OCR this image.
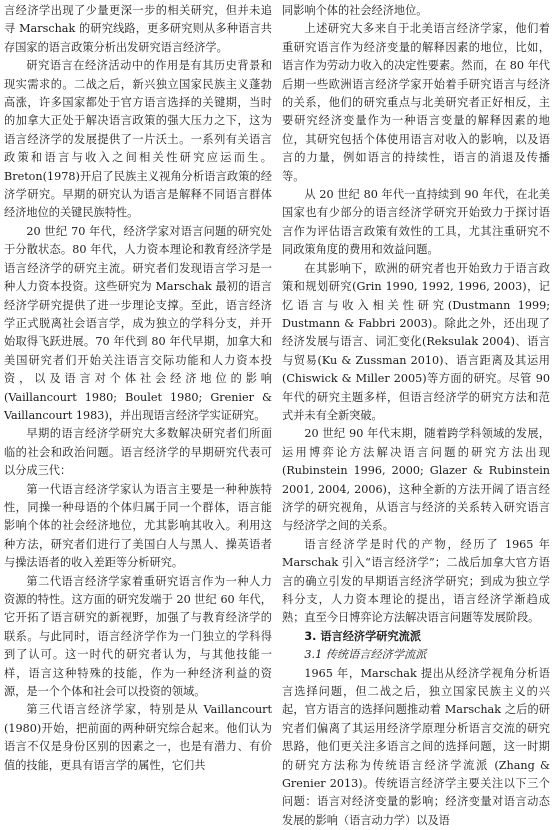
言经济学出现了少量更深一步的相关研究，但并未追寻 Marschak 的研究线路，更多研究则从多种语言共存国家的语言政策分析出发研究语言经济学。

研究语言在经济活动中的作用是有其历史背景和现实需求的。二战之后，新兴独立国家民族主义蓬勃高涨，许多国家都处于官方语言选择的关键期，当时的加拿大正处于解决语言政策的强大压力之下，这为语言经济学的发展提供了一片沃土。一系列有关语言政策和语言与收入之间相关性研究应运而生。Breton(1978)开启了民族主义视角分析语言政策的经济学研究。早期的研究认为语言是解释不同语言群体经济地位的关键民族特性。

20 世纪 70 年代，经济学家对语言问题的研究处于分散状态。80 年代，人力资本理论和教育经济学是语言经济学的研究主流。研究者们发现语言学习是一种人力资本投资。这些研究为 Marschak 最初的语言经济学研究提供了进一步理论支撑。至此，语言经济学正式脱离社会语言学，成为独立的学科分支，并开始取得飞跃进展。70 年代到 80 年代早期，加拿大和美国研究者们开始关注语言交际功能和人力资本投资，以及语言对个体社会经济地位的影响(Vaillancourt 1980; Boulet 1980; Grenier & Vaillancourt 1983)，并出现语言经济学实证研究。

早期的语言经济学研究大多数解决研究者们所面临的社会和政治问题。语言经济学的早期研究代表可以分成三代：

第一代语言经济学家认为语言主要是一种种族特性，同操一种母语的个体归属于同一个群体，语言能影响个体的社会经济地位，尤其影响其收入。利用这种方法，研究者们进行了美国白人与黑人、操英语者与操法语者的收入差距等分析研究。

第二代语言经济学家着重研究语言作为一种人力资源的特性。这方面的研究发端于 20 世纪 60 年代，它开拓了语言研究的新视野，加强了与教育经济学的联系。与此同时，语言经济学作为一门独立的学科得到了认可。这一时代的研究者认为，与其他技能一样，语言这种特殊的技能，作为一种经济利益的资源，是一个个体和社会可以投资的领域。

第三代语言经济学家，特别是从 Vaillancourt (1980)开始，把前面的两种研究综合起来。他们认为语言不仅是身份区别的因素之一，也是有潜力、有价值的技能，更具有语言学的属性，它们共

同影响个体的社会经济地位。

上述研究大多来自于北美语言经济学家，他们着重研究语言作为经济变量的解释因素的地位，比如，语言作为劳动力收入的决定性要素。然而，在 80 年代后期一些欧洲语言经济学家开始着手研究语言与经济的关系，他们的研究重点与北美研究者正好相反，主要研究经济变量作为一种语言变量的解释因素的地位，其研究包括个体使用语言对收入的影响，以及语言的力量，例如语言的持续性，语言的消退及传播等。

从 20 世纪 80 年代一直持续到 90 年代，在北美国家也有少部分的语言经济学研究开始致力于探讨语言作为评估语言政策有效性的工具，尤其注重研究不同政策角度的费用和效益问题。

在其影响下，欧洲的研究者也开始致力于语言政策和规划研究(Grin 1990, 1992, 1996, 2003)，记忆语言与收入相关性研究(Dustmann 1999; Dustmann & Fabbri 2003)。除此之外，还出现了经济发展与语言、词汇变化(Reksulak 2004)、语言与贸易(Ku & Zussman 2010)、语言距离及其运用(Chiswick & Miller 2005)等方面的研究。尽管 90 年代的研究主题多样，但语言经济学的研究方法和范式并未有全新突破。

20 世纪 90 年代末期，随着跨学科领域的发展，运用博弈论方法解决语言问题的研究方法出现(Rubinstein 1996, 2000; Glazer & Rubinstein 2001, 2004, 2006)，这种全新的方法开阔了语言经济学的研究视角，从语言与经济的关系转入研究语言与经济学之间的关系。

语言经济学是时代的产物，经历了 1965 年 Marschak 引入“语言经济学”；二战后加拿大官方语言的确立引发的早期语言经济学研究；到成为独立学科分支，人力资本理论的提出，语言经济学渐趋成熟；直至今日博弈论方法解决语言问题等发展阶段。

3. 语言经济学研究流派
3.1 传统语言经济学流派

1965 年，Marschak 提出从经济学视角分析语言选择问题，但二战之后，独立国家民族主义的兴起，官方语言的选择问题推动着 Marschak 之后的研究者们偏离了其运用经济学原理分析语言交流的研究思路，他们更关注多语言之间的选择问题，这一时期的研究方法称为传统语言经济学流派 (Zhang & Grenier 2013)。传统语言经济学主要关注以下三个问题：语言对经济变量的影响；经济变量对语言动态发展的影响（语言动力学）以及语
